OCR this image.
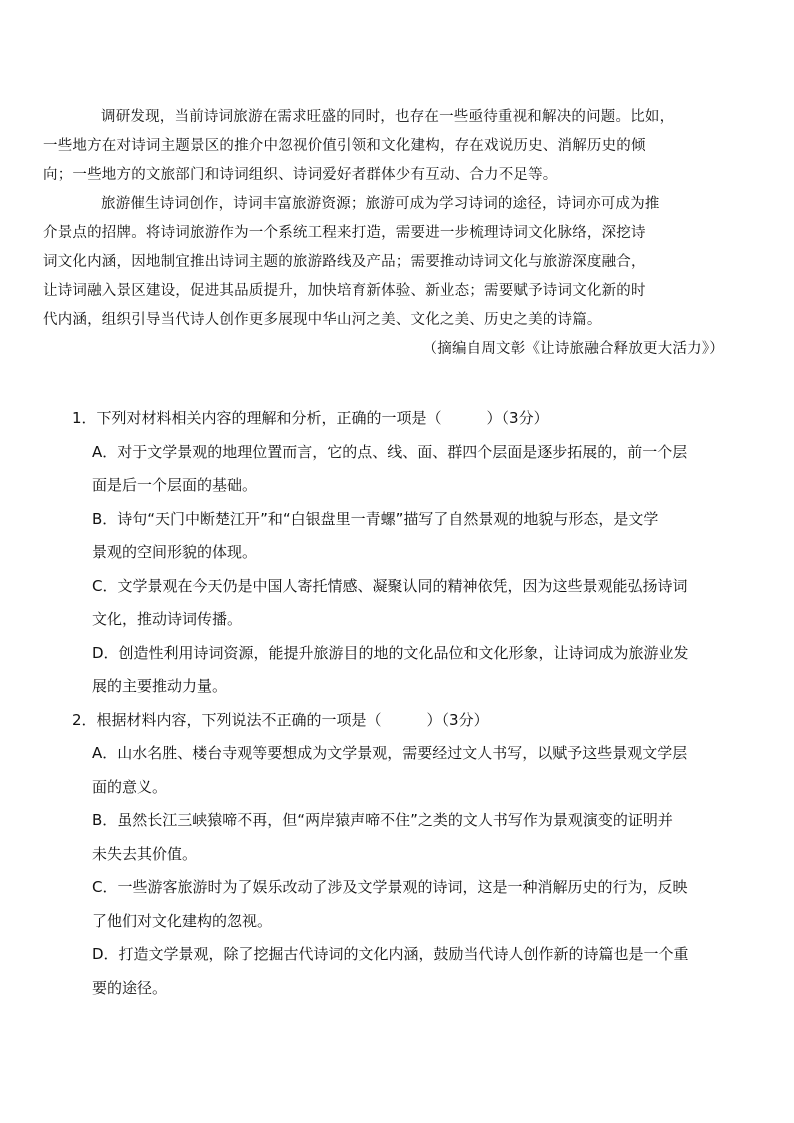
调研发现，当前诗词旅游在需求旺盛的同时，也存在一些亟待重视和解决的问题。比如，
一些地方在对诗词主题景区的推介中忽视价值引领和文化建构，存在戏说历史、消解历史的倾
向；一些地方的文旅部门和诗词组织、诗词爱好者群体少有互动、合力不足等。

旅游催生诗词创作，诗词丰富旅游资源；旅游可成为学习诗词的途径，诗词亦可成为推
介景点的招牌。将诗词旅游作为一个系统工程来打造，需要进一步梳理诗词文化脉络，深挖诗
词文化内涵，因地制宜推出诗词主题的旅游路线及产品；需要推动诗词文化与旅游深度融合，
让诗词融入景区建设，促进其品质提升，加快培育新体验、新业态；需要赋予诗词文化新的时
代内涵，组织引导当代诗人创作更多展现中华山河之美、文化之美、历史之美的诗篇。

（摘编自周文彰《让诗旅融合释放更大活力》）

1．下列对材料相关内容的理解和分析，正确的一项是（　　　）（3分）

A．对于文学景观的地理位置而言，它的点、线、面、群四个层面是逐步拓展的，前一个层
面是后一个层面的基础。

B．诗句“天门中断楚江开”和“白银盘里一青螺”描写了自然景观的地貌与形态，是文学
景观的空间形貌的体现。

C．文学景观在今天仍是中国人寄托情感、凝聚认同的精神依凭，因为这些景观能弘扬诗词
文化，推动诗词传播。

D．创造性利用诗词资源，能提升旅游目的地的文化品位和文化形象，让诗词成为旅游业发
展的主要推动力量。

2．根据材料内容，下列说法不正确的一项是（　　　）（3分）

A．山水名胜、楼台寺观等要想成为文学景观，需要经过文人书写，以赋予这些景观文学层
面的意义。

B．虽然长江三峡猿啼不再，但“两岸猿声啼不住”之类的文人书写作为景观演变的证明并
未失去其价值。

C．一些游客旅游时为了娱乐改动了涉及文学景观的诗词，这是一种消解历史的行为，反映
了他们对文化建构的忽视。

D．打造文学景观，除了挖掘古代诗词的文化内涵，鼓励当代诗人创作新的诗篇也是一个重
要的途径。
